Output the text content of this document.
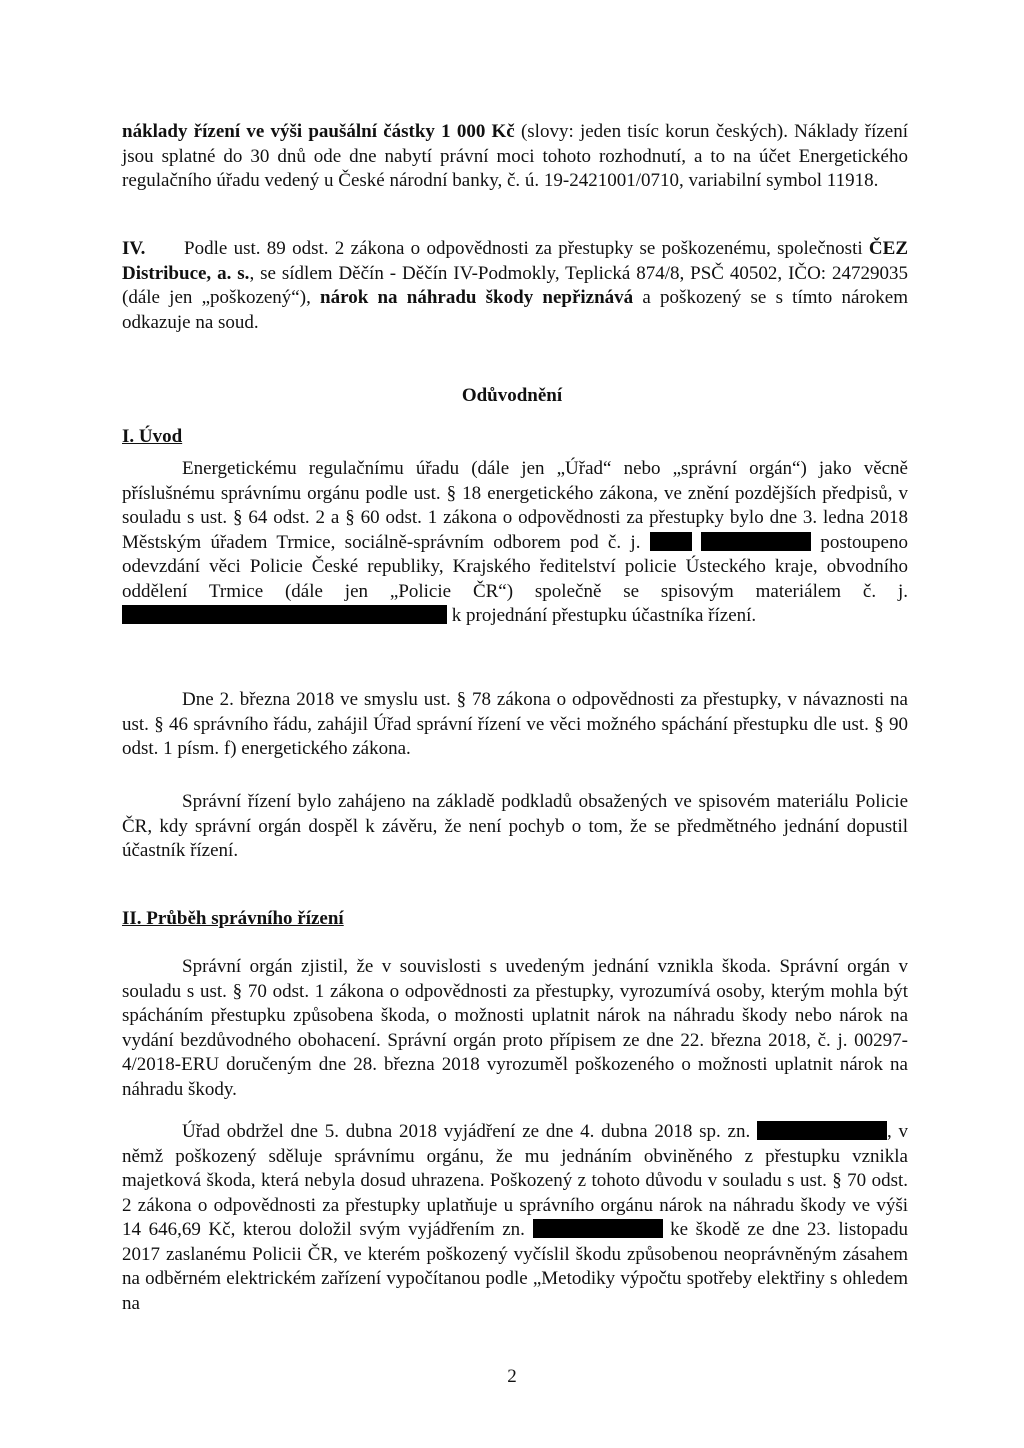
náklady řízení ve výši paušální částky 1 000 Kč (slovy: jeden tisíc korun českých). Náklady řízení jsou splatné do 30 dnů ode dne nabytí právní moci tohoto rozhodnutí, a to na účet Energetického regulačního úřadu vedený u České národní banky, č. ú. 19-2421001/0710, variabilní symbol 11918.

IV. Podle ust. 89 odst. 2 zákona o odpovědnosti za přestupky se poškozenému, společnosti ČEZ Distribuce, a. s., se sídlem Děčín - Děčín IV-Podmokly, Teplická 874/8, PSČ 40502, IČO: 24729035 (dále jen „poškozený“), nárok na náhradu škody nepřiznává a poškozený se s tímto nárokem odkazuje na soud.

Odůvodnění
I. Úvod

Energetickému regulačnímu úřadu (dále jen „Úřad“ nebo „správní orgán“) jako věcně příslušnému správnímu orgánu podle ust. § 18 energetického zákona, ve znění pozdějších předpisů, v souladu s ust. § 64 odst. 2 a § 60 odst. 1 zákona o odpovědnosti za přestupky bylo dne 3. ledna 2018 Městským úřadem Trmice, sociálně-správním odborem pod č. j.	postoupeno odevzdání věci Policie České republiky, Krajského ředitelství policie Ústeckého kraje, obvodního oddělení Trmice (dále jen „Policie ČR“) společně se spisovým materiálem č. j.  k projednání přestupku účastníka řízení.

Dne 2. března 2018 ve smyslu ust. § 78 zákona o odpovědnosti za přestupky, v návaznosti na ust. § 46 správního řádu, zahájil Úřad správní řízení ve věci možného spáchání přestupku dle ust. § 90 odst. 1 písm. f) energetického zákona.

Správní řízení bylo zahájeno na základě podkladů obsažených ve spisovém materiálu Policie ČR, kdy správní orgán dospěl k závěru, že není pochyb o tom, že se předmětného jednání dopustil účastník řízení.

II. Průběh správního řízení

Správní orgán zjistil, že v souvislosti s uvedeným jednání vznikla škoda. Správní orgán v souladu s ust. § 70 odst. 1 zákona o odpovědnosti za přestupky, vyrozumívá osoby, kterým mohla být spácháním přestupku způsobena škoda, o možnosti uplatnit nárok na náhradu škody nebo nárok na vydání bezdůvodného obohacení. Správní orgán proto přípisem ze dne 22. března 2018, č. j. 00297-4/2018-ERU doručeným dne 28. března 2018 vyrozuměl poškozeného o možnosti uplatnit nárok na náhradu škody.

Úřad obdržel dne 5. dubna 2018 vyjádření ze dne 4. dubna 2018 sp. zn.	, v němž poškozený sděluje správnímu orgánu, že mu jednáním obviněného z přestupku vznikla majetková škoda, která nebyla dosud uhrazena. Poškozený z tohoto důvodu v souladu s ust. § 70 odst. 2 zákona o odpovědnosti za přestupky uplatňuje u správního orgánu nárok na náhradu škody ve výši 14 646,69 Kč, kterou doložil svým vyjádřením zn.	ke škodě ze dne 23. listopadu 2017 zaslanému Policii ČR, ve kterém poškozený vyčíslil škodu způsobenou neoprávněným zásahem na odběrném elektrickém zařízení vypočítanou podle „Metodiky výpočtu spotřeby elektřiny s ohledem na

2
